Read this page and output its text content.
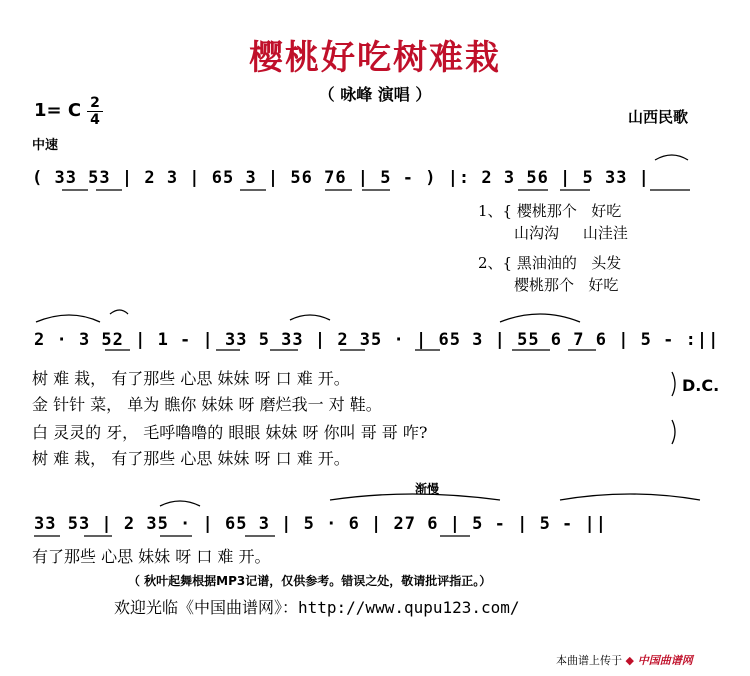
樱桃好吃树难栽
（ 咏峰 演唱 ）
1= C 2
4
中速
山西民歌
( 33 53 | 2 3 | 65 3 | 56 76 | 5 - ) |: 2 3 56 | 5 33 |
1、{ 樱桃那个 好吃
山沟沟 山洼洼
2、{ 黑油油的 头发
樱桃那个 好吃
2 · 3 52 | 1 - | 33 5 33 | 2 35 · | 65 3 | 55 6 7 6 | 5 - :||
树 难 栽， 有了那些 心思 妹妹 呀 口 难 开。
金 针针 菜， 单为 瞧你 妹妹 呀 磨烂我一 对 鞋。
白 灵灵的 牙， 毛呼噜噜的 眼眼 妹妹 呀 你叫 哥 哥 咋?
树 难 栽， 有了那些 心思 妹妹 呀 口 难 开。
D.C.
渐慢
33 53 | 2 35 · | 65 3 | 5 · 6 | 27 6 | 5 - | 5 - ||
有了那些 心思 妹妹 呀 口 难 开。
（ 秋叶起舞根据MP3记谱，仅供参考。错误之处，敬请批评指正。）
欢迎光临《中国曲谱网》：http://www.qupu123.com/
本曲谱上传于 ◆ 中国曲谱网
